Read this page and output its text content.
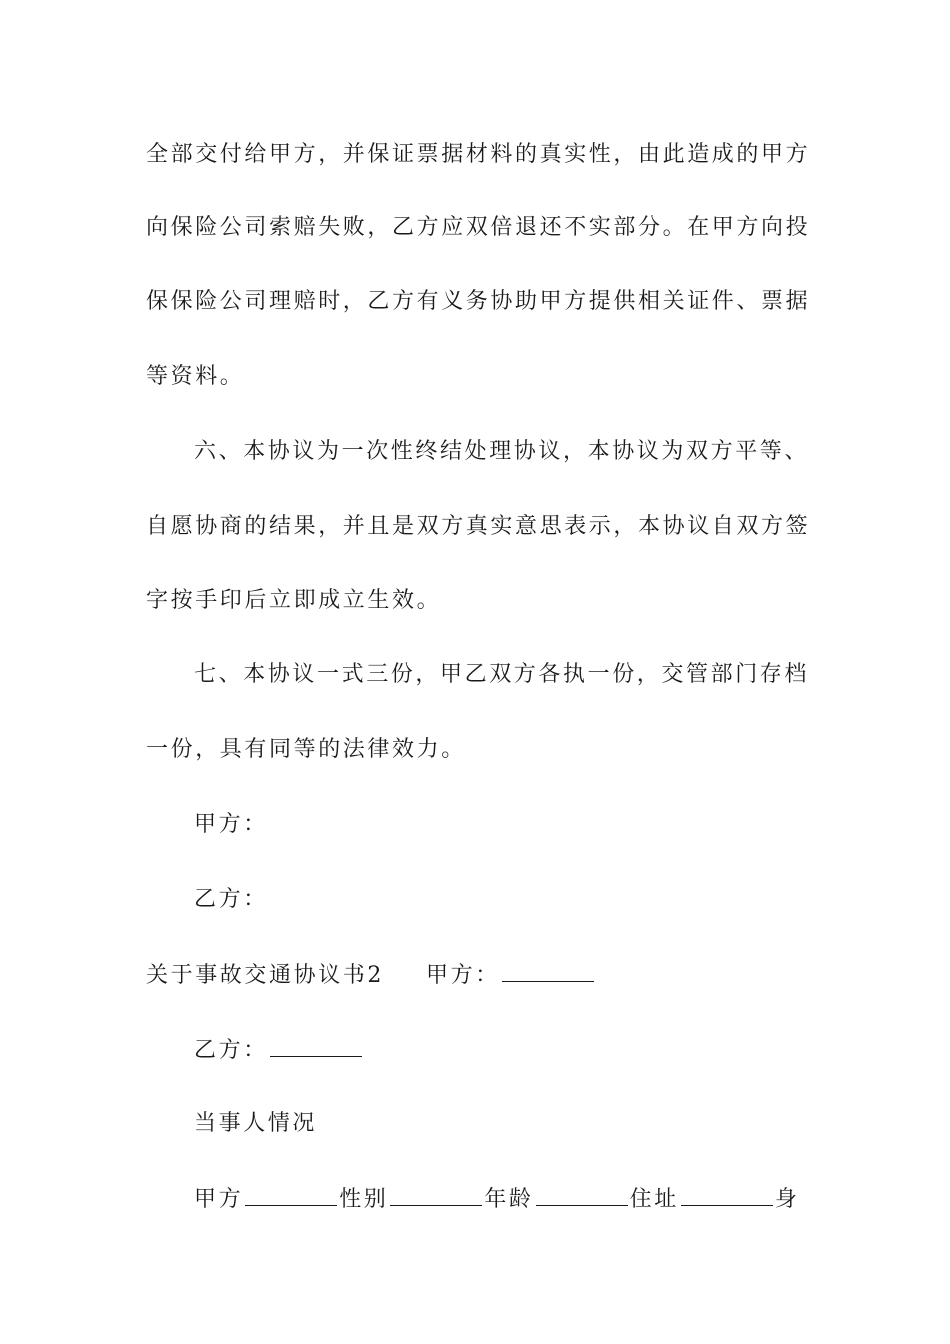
全部交付给甲方，并保证票据材料的真实性，由此造成的甲方
向保险公司索赔失败，乙方应双倍退还不实部分。在甲方向投
保保险公司理赔时，乙方有义务协助甲方提供相关证件、票据
等资料。
六、本协议为一次性终结处理协议，本协议为双方平等、
自愿协商的结果，并且是双方真实意思表示，本协议自双方签
字按手印后立即成立生效。
七、本协议一式三份，甲乙双方各执一份，交管部门存档
一份，具有同等的法律效力。
甲方：
乙方：
关于事故交通协议书2 甲方：
乙方：
当事人情况
甲方	性别	年龄	住址	身
